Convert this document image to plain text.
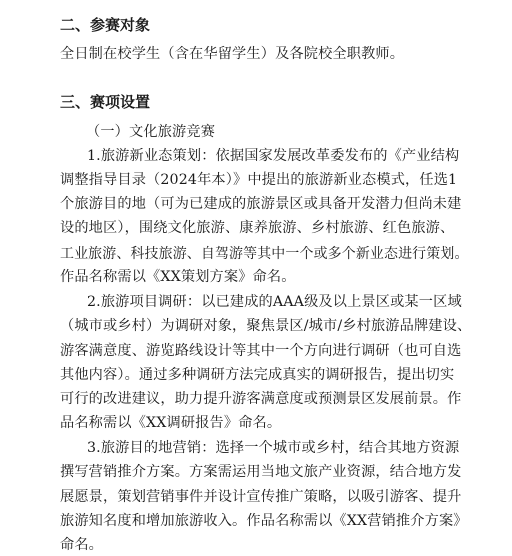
二、参赛对象
全日制在校学生（含在华留学生）及各院校全职教师。
三、赛项设置
（一）文化旅游竞赛
1.旅游新业态策划：依据国家发展改革委发布的《产业结构
调整指导目录（2024年本）》中提出的旅游新业态模式，任选1
个旅游目的地（可为已建成的旅游景区或具备开发潜力但尚未建
设的地区），围绕文化旅游、康养旅游、乡村旅游、红色旅游、
工业旅游、科技旅游、自驾游等其中一个或多个新业态进行策划。
作品名称需以《XX策划方案》命名。
2.旅游项目调研：以已建成的AAA级及以上景区或某一区域
（城市或乡村）为调研对象，聚焦景区/城市/乡村旅游品牌建设、
游客满意度、游览路线设计等其中一个方向进行调研（也可自选
其他内容）。通过多种调研方法完成真实的调研报告，提出切实
可行的改进建议，助力提升游客满意度或预测景区发展前景。作
品名称需以《XX调研报告》命名。
3.旅游目的地营销：选择一个城市或乡村，结合其地方资源
撰写营销推介方案。方案需运用当地文旅产业资源，结合地方发
展愿景，策划营销事件并设计宣传推广策略，以吸引游客、提升
旅游知名度和增加旅游收入。作品名称需以《XX营销推介方案》
命名。
